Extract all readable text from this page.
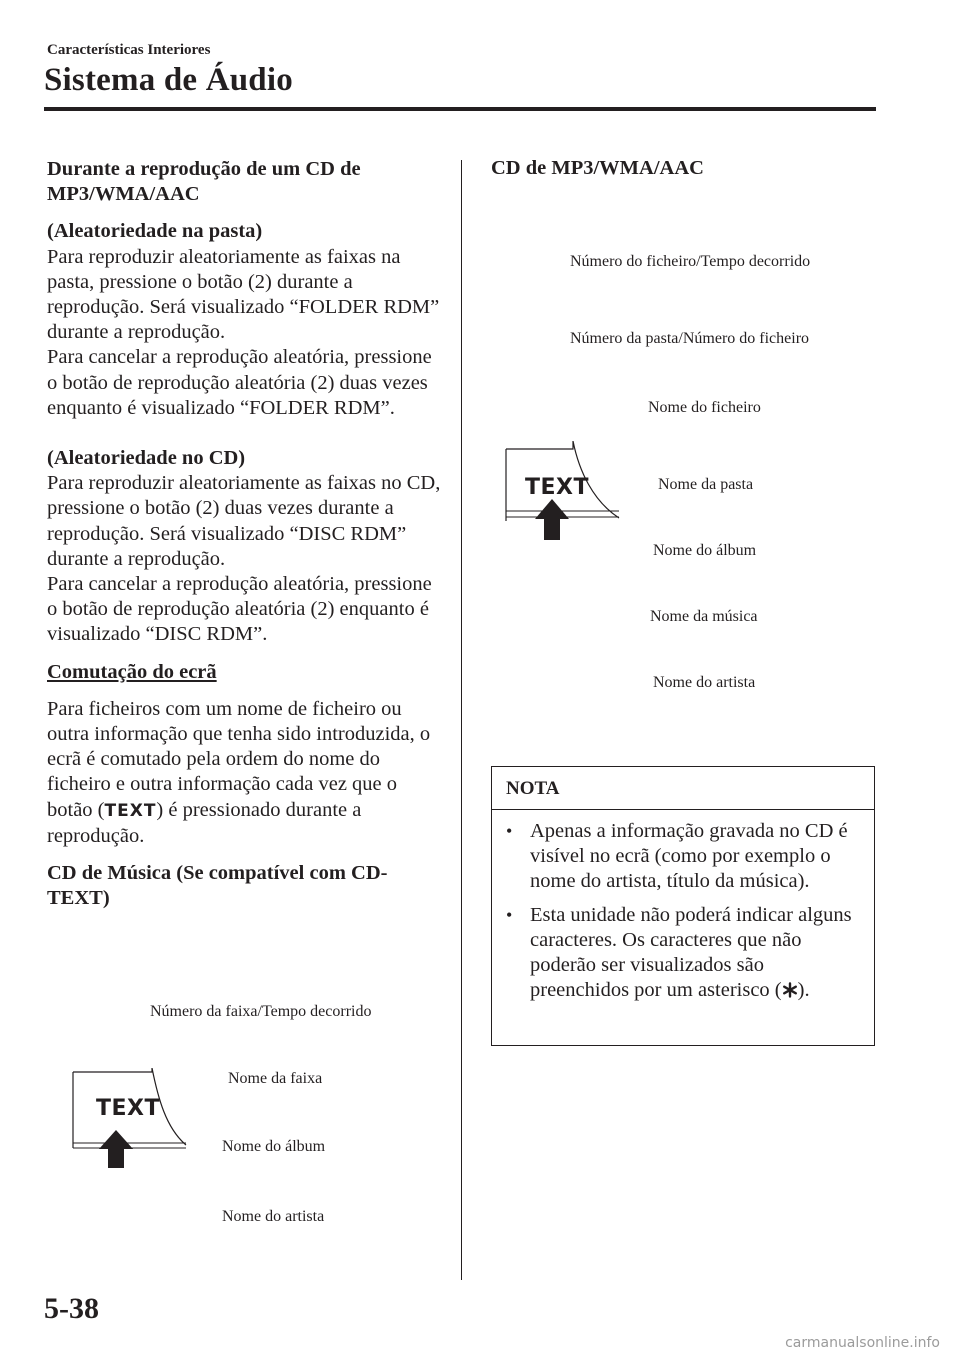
Características Interiores
Sistema de Áudio

Durante a reprodução de um CD de MP3/WMA/AAC

(Aleatoriedade na pasta)

Para reproduzir aleatoriamente as faixas na pasta, pressione o botão (2) durante a reprodução. Será visualizado “FOLDER RDM” durante a reprodução.

Para cancelar a reprodução aleatória, pressione o botão de reprodução aleatória (2) duas vezes enquanto é visualizado “FOLDER RDM”.

(Aleatoriedade no CD)

Para reproduzir aleatoriamente as faixas no CD, pressione o botão (2) duas vezes durante a reprodução. Será visualizado “DISC RDM” durante a reprodução.

Para cancelar a reprodução aleatória, pressione o botão de reprodução aleatória (2) enquanto é visualizado “DISC RDM”.

Comutação do ecrã

Para ficheiros com um nome de ficheiro ou outra informação que tenha sido introduzida, o ecrã é comutado pela ordem do nome do ficheiro e outra informação cada vez que o botão (TEXT) é pressionado durante a reprodução.

CD de Música (Se compatível com CD-TEXT)

TEXT
Número da faixa/Tempo decorrido
Nome da faixa
Nome do álbum
Nome do artista
CD de MP3/WMA/AAC
TEXT
Número do ficheiro/Tempo decorrido
Número da pasta/Número do ficheiro
Nome do ficheiro
Nome da pasta
Nome do álbum
Nome da música
Nome do artista
NOTA

• Apenas a informação gravada no CD é visível no ecrã (como por exemplo o nome do artista, título da música).

• Esta unidade não poderá indicar alguns caracteres. Os caracteres que não poderão ser visualizados são preenchidos por um asterisco ( ).

5-38
carmanualsonline.info
